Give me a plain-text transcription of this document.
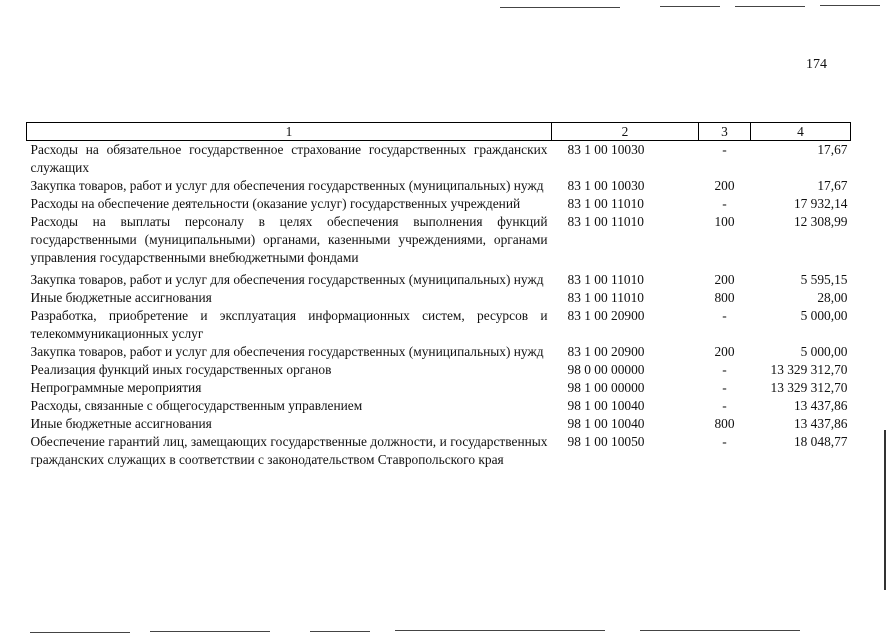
174
1	2	3	4
Расходы на обязательное государственное страхование государственных гражданских служащих	83 1 00 10030	-	17,67
Закупка товаров, работ и услуг для обеспечения государственных (муниципальных) нужд	83 1 00 10030	200	17,67
Расходы на обеспечение деятельности (оказание услуг) государственных учреждений	83 1 00 11010	-	17 932,14
Расходы на выплаты персоналу в целях обеспечения выполнения функций государственными (муниципальными) органами, казенными учреждениями, органами управления государственными внебюджетными фондами	83 1 00 11010	100	12 308,99
Закупка товаров, работ и услуг для обеспечения государственных (муниципальных) нужд	83 1 00 11010	200	5 595,15
Иные бюджетные ассигнования	83 1 00 11010	800	28,00
Разработка, приобретение и эксплуатация информационных систем, ресурсов и телекоммуникационных услуг	83 1 00 20900	-	5 000,00
Закупка товаров, работ и услуг для обеспечения государственных (муниципальных) нужд	83 1 00 20900	200	5 000,00
Реализация функций иных государственных органов	98 0 00 00000	-	13 329 312,70
Непрограммные мероприятия	98 1 00 00000	-	13 329 312,70
Расходы, связанные с общегосударственным управлением	98 1 00 10040	-	13 437,86
Иные бюджетные ассигнования	98 1 00 10040	800	13 437,86
Обеспечение гарантий лиц, замещающих государственные должности, и государственных гражданских служащих в соответствии с законодательством Ставропольского края	98 1 00 10050	-	18 048,77
